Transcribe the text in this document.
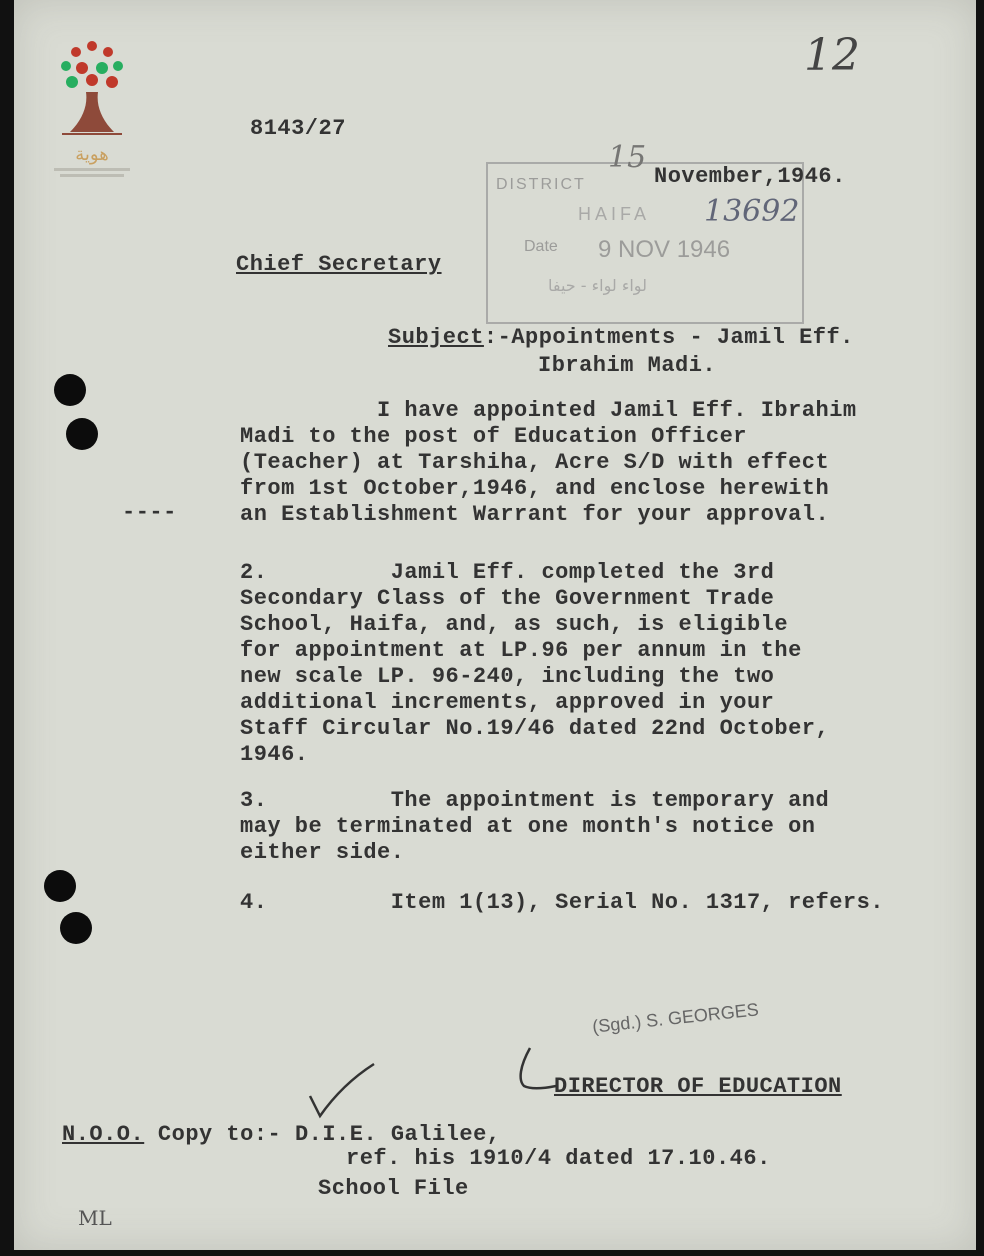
هوية
12
8143/27
15
DISTRICT
HAIFA 13692
Date 9 NOV 1946
لواء لواء - حيفا
November,1946.
Chief Secretary
Subject:-Appointments - Jamil Eff.
Ibrahim Madi.
----
I have appointed Jamil Eff. Ibrahim
Madi to the post of Education Officer
(Teacher) at Tarshiha, Acre S/D with effect
from 1st October,1946, and enclose herewith
an Establishment Warrant for your approval.
2.         Jamil Eff. completed the 3rd
Secondary Class of the Government Trade
School, Haifa, and, as such, is eligible
for appointment at LP.96 per annum in the
new scale LP. 96-240, including the two
additional increments, approved in your
Staff Circular No.19/46 dated 22nd October,
1946.
3.         The appointment is temporary and
may be terminated at one month's notice on
either side.
4.         Item 1(13), Serial No. 1317, refers.
(Sgd.) S. GEORGES
DIRECTOR OF EDUCATION
N.O.O. Copy to:- D.I.E. Galilee,
ref. his 1910/4 dated 17.10.46.
School File
ML
